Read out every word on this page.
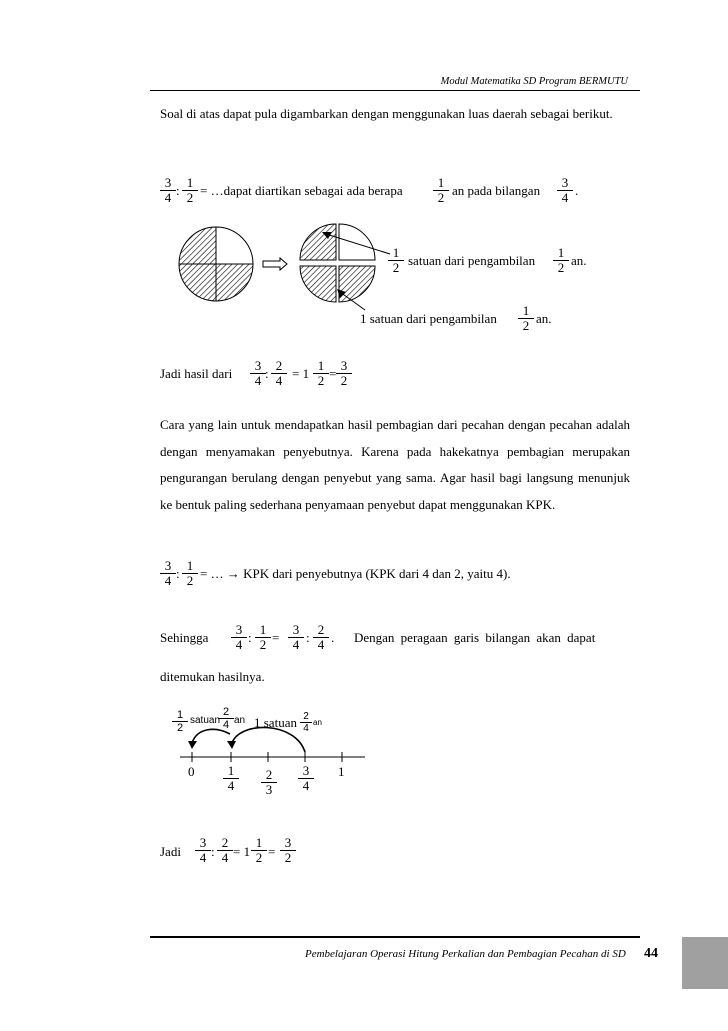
Modul Matematika SD Program BERMUTU
Soal di atas dapat pula digambarkan dengan menggunakan luas daerah sebagai berikut.
$\frac{3}{4}$ : $\frac{1}{2}$ = …dapat diartikan sebagai ada berapa $\frac{1}{2}$ an pada bilangan $\frac{3}{4}$ .
$\frac{1}{2}$ satuan dari pengambilan $\frac{1}{2}$ an.
1 satuan dari pengambilan $\frac{1}{2}$ an.
Jadi hasil dari $\frac{3}{4}$ : $\frac{2}{4} = 1 \frac{1}{2} = \frac{3}{2}$
Cara yang lain untuk mendapatkan hasil pembagian dari pecahan dengan pecahan adalah dengan menyamakan penyebutnya. Karena pada hakekatnya pembagian merupakan pengurangan berulang dengan penyebut yang sama. Agar hasil bagi langsung menunjuk ke bentuk paling sederhana penyamaan penyebut dapat menggunakan KPK.
$\frac{3}{4}$ : $\frac{1}{2}$ = … → KPK dari penyebutnya (KPK dari 4 dan 2, yaitu 4).
Sehingga $\frac{3}{4}$ : $\frac{1}{2} = \frac{3}{4}$ : $\frac{2}{4}$ . Dengan peragaan garis bilangan akan dapat
ditemukan hasilnya.
$\frac{1}{2}$ satuan
$\frac{2}{4}$ an 1 satuan $\frac{2}{4}$ an
$0 \frac{1}{4} \frac{2}{3} \frac{3}{4} 1$
Jadi $\frac{3}{4}$ : $\frac{2}{4} = 1 \frac{1}{2} = \frac{3}{2}$
Pembelajaran Operasi Hitung Perkalian dan Pembagian Pecahan di SD 44
